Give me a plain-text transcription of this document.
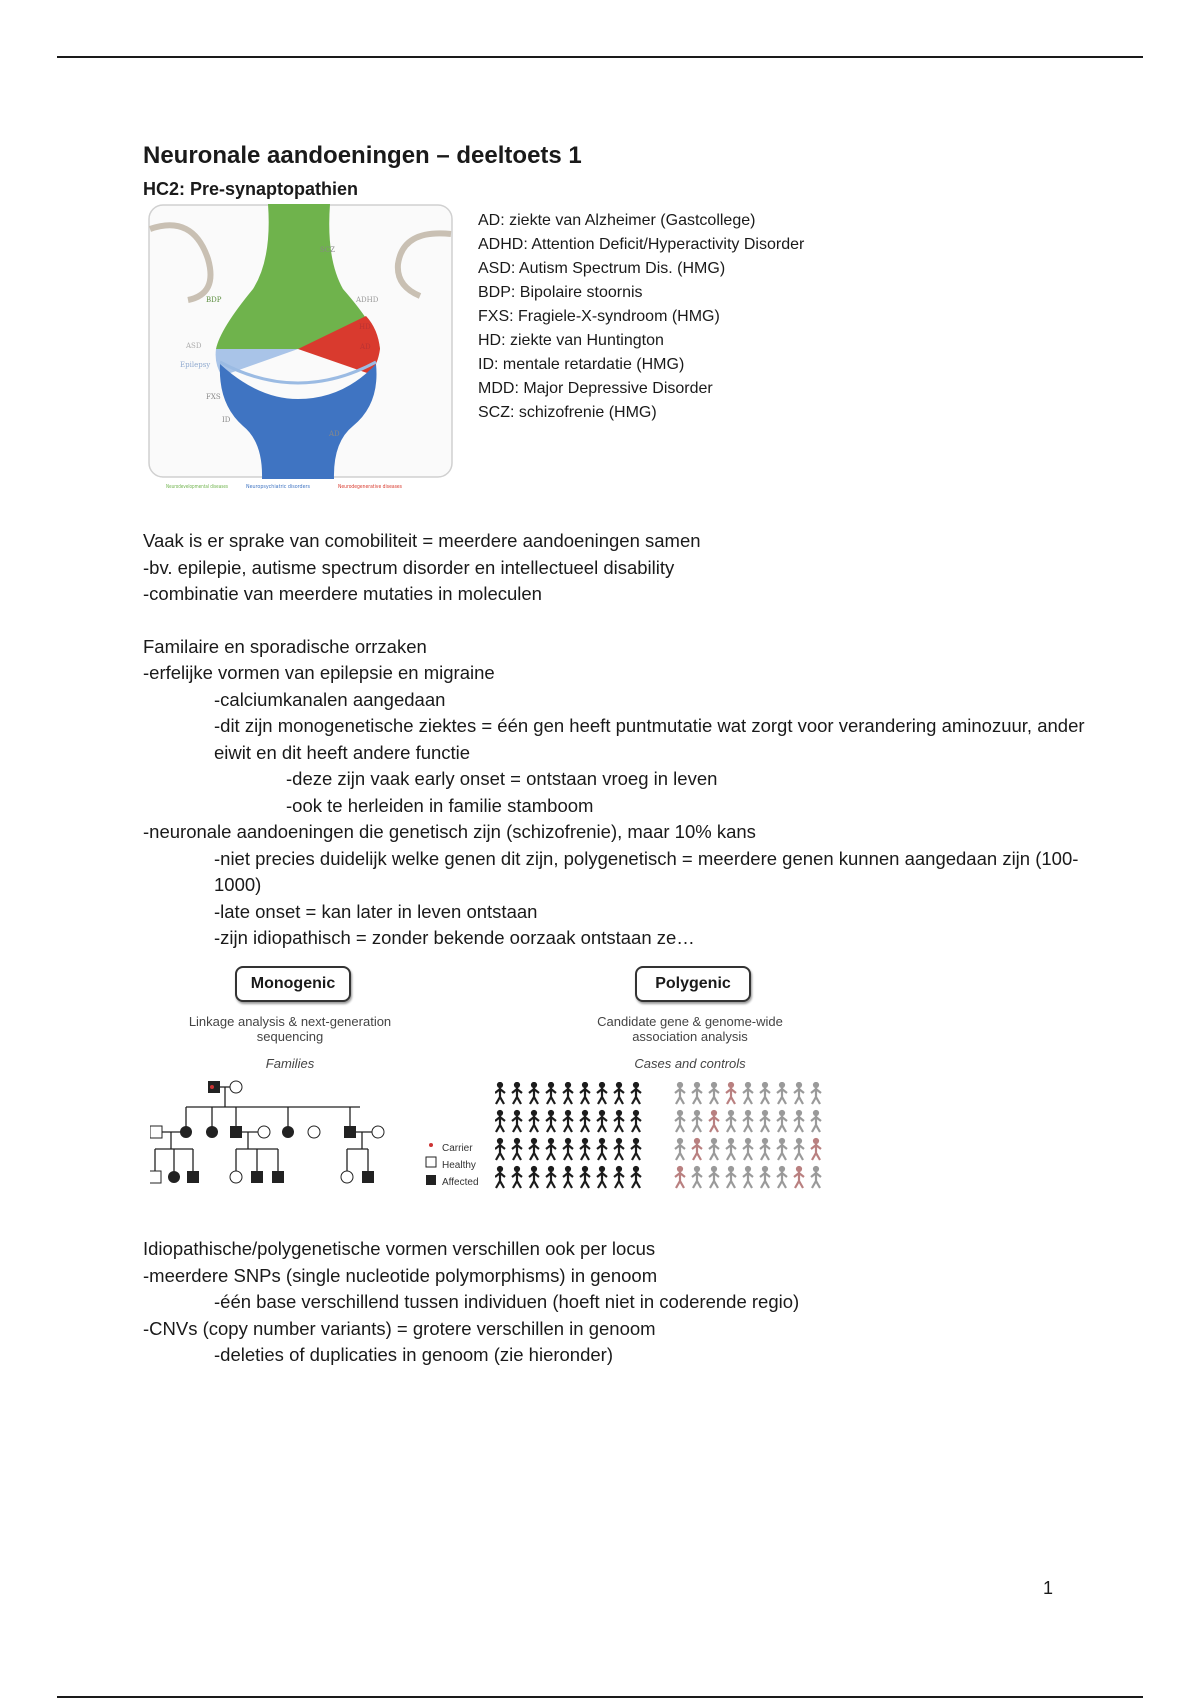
Neuronale aandoeningen – deeltoets 1
HC2: Pre-synaptopathien
SCZ
BDP	ADHD
HD
AD
ASD
Epilepsy
FXS
ID
AD
Neurodevelopmental diseases	Neuropsychiatric disorders	Neurodegenerative diseases
AD: ziekte van Alzheimer (Gastcollege)
ADHD: Attention Deficit/Hyperactivity Disorder
ASD: Autism Spectrum Dis. (HMG)
BDP: Bipolaire stoornis
FXS: Fragiele-X-syndroom (HMG)
HD: ziekte van Huntington
ID: mentale retardatie (HMG)
MDD: Major Depressive Disorder
SCZ: schizofrenie (HMG)
Vaak is er sprake van comobiliteit = meerdere aandoeningen samen
-bv. epilepie, autisme spectrum disorder en intellectueel disability
-combinatie van meerdere mutaties in moleculen
Familaire en sporadische orrzaken
-erfelijke vormen van epilepsie en migraine
-calciumkanalen aangedaan
-dit zijn monogenetische ziektes = één gen heeft puntmutatie wat zorgt voor verandering aminozuur, ander eiwit en dit heeft andere functie
-deze zijn vaak early onset = ontstaan vroeg in leven
-ook te herleiden in familie stamboom
-neuronale aandoeningen die genetisch zijn (schizofrenie), maar 10% kans
-niet precies duidelijk welke genen dit zijn, polygenetisch = meerdere genen kunnen aangedaan zijn (100-1000)
-late onset = kan later in leven ontstaan
-zijn idiopathisch = zonder bekende oorzaak ontstaan ze…
Monogenic
Linkage analysis & next-generation sequencing
Families
Polygenic
Candidate gene & genome-wide association analysis
Cases and controls
Carrier
Healthy
Affected
Idiopathische/polygenetische vormen verschillen ook per locus
-meerdere SNPs (single nucleotide polymorphisms) in genoom
-één base verschillend tussen individuen (hoeft niet in coderende regio)
-CNVs (copy number variants) = grotere verschillen in genoom
-deleties of duplicaties in genoom (zie hieronder)
1
